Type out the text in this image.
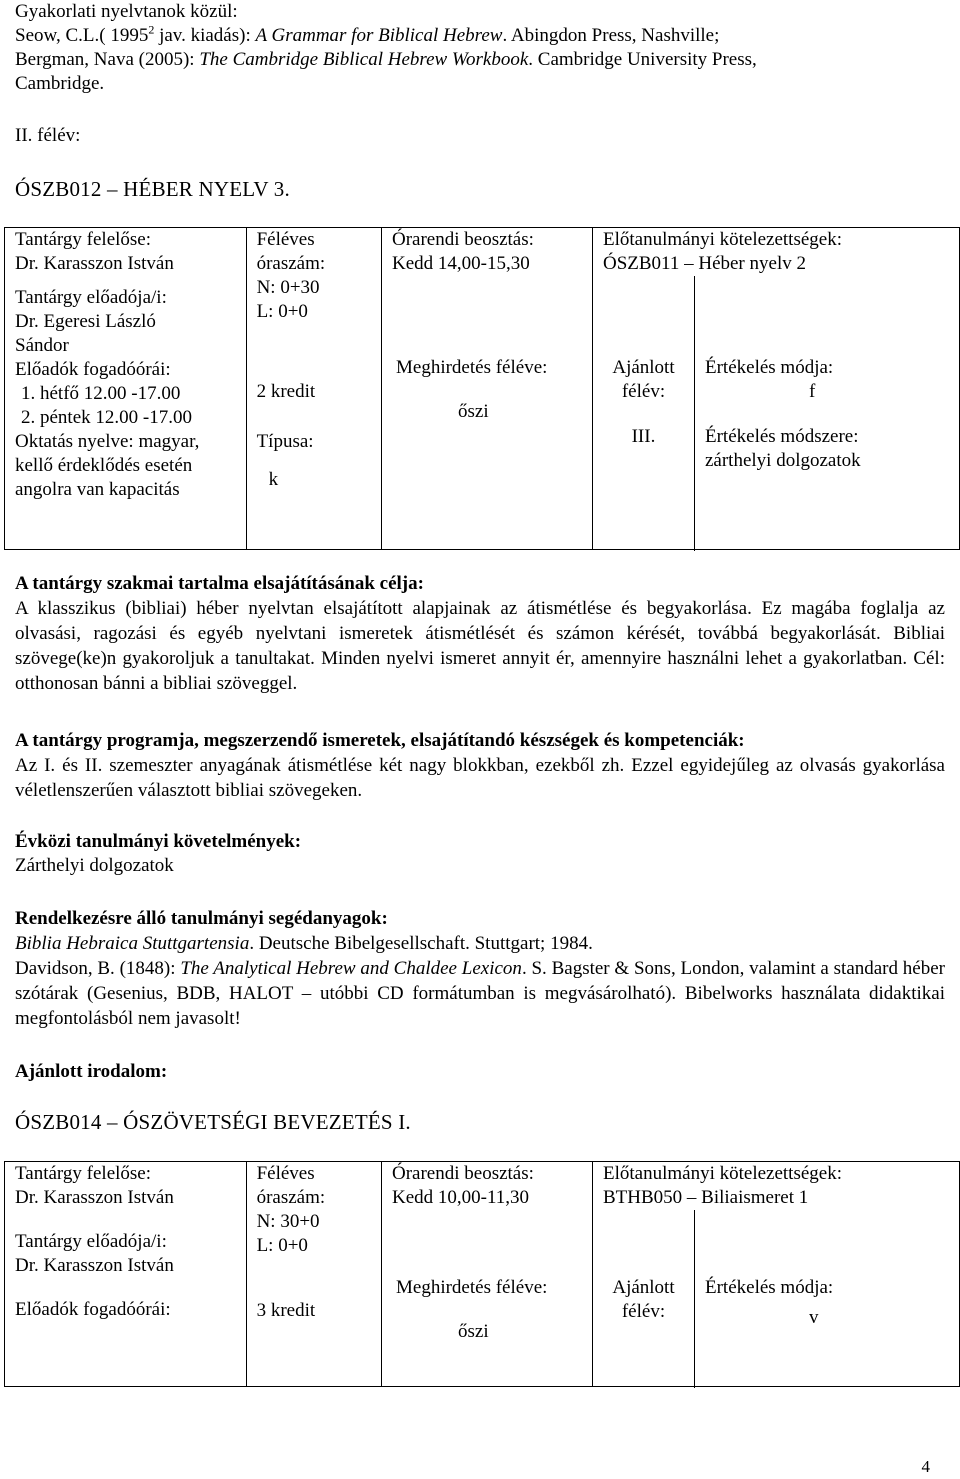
Gyakorlati nyelvtanok közül:
Seow, C.L.( 1995$^2$ jav. kiadás): A Grammar for Biblical Hebrew. Abingdon Press, Nashville;
Bergman, Nava (2005): The Cambridge Biblical Hebrew Workbook. Cambridge University Press,
Cambridge.
II. félév:
ÓSZB012 – HÉBER NYELV 3.
Tantárgy felelőse:
Dr. Karasszon István
Tantárgy előadója/i:
Dr. Egeresi László
Sándor
Előadók fogadóórái:
1. hétfő 12.00 -17.00
2. péntek 12.00 -17.00
Oktatás nyelve: magyar,
kellő érdeklődés esetén
angolra van kapacitás

Féléves
óraszám:
N: 0+30
L: 0+0
2 kredit
Típusa:
k

Órarendi beosztás:
Kedd 14,00-15,30
Meghirdetés féléve:
őszi

Előtanulmányi kötelezettségek:
ÓSZB011 – Héber nyelv 2
Ajánlott
félév:
III.
Értékelés módja:
f
Értékelés módszere:
zárthelyi dolgozatok
A tantárgy szakmai tartalma elsajátításának célja:
A klasszikus (bibliai) héber nyelvtan elsajátított alapjainak az átismétlése és begyakorlása. Ez magába foglalja az olvasási, ragozási és egyéb nyelvtani ismeretek átismétlését és számon kérését, továbbá begyakorlását. Bibliai szövege(ke)n gyakoroljuk a tanultakat. Minden nyelvi ismeret annyit ér, amennyire használni lehet a gyakorlatban. Cél: otthonosan bánni a bibliai szöveggel.
A tantárgy programja, megszerzendő ismeretek, elsajátítandó készségek és kompetenciák:
Az I. és II. szemeszter anyagának átismétlése két nagy blokkban, ezekből zh. Ezzel egyidejűleg az olvasás gyakorlása véletlenszerűen választott bibliai szövegeken.
Évközi tanulmányi követelmények:
Zárthelyi dolgozatok
Rendelkezésre álló tanulmányi segédanyagok:
Biblia Hebraica Stuttgartensia. Deutsche Bibelgesellschaft. Stuttgart; 1984.
Davidson, B. (1848): The Analytical Hebrew and Chaldee Lexicon. S. Bagster & Sons, London, valamint a standard héber szótárak (Gesenius, BDB, HALOT – utóbbi CD formátumban is megvásárolható). Bibelworks használata didaktikai megfontolásból nem javasolt!
Ajánlott irodalom:
ÓSZB014 – ÓSZÖVETSÉGI BEVEZETÉS I.
Tantárgy felelőse:
Dr. Karasszon István
Tantárgy előadója/i:
Dr. Karasszon István
Előadók fogadóórái:

Féléves
óraszám:
N: 30+0
L: 0+0
3 kredit

Órarendi beosztás:
Kedd 10,00-11,30
Meghirdetés féléve:
őszi

Előtanulmányi kötelezettségek:
BTHB050 – Biliaismeret 1
Ajánlott
félév:
Értékelés módja:
v
4
